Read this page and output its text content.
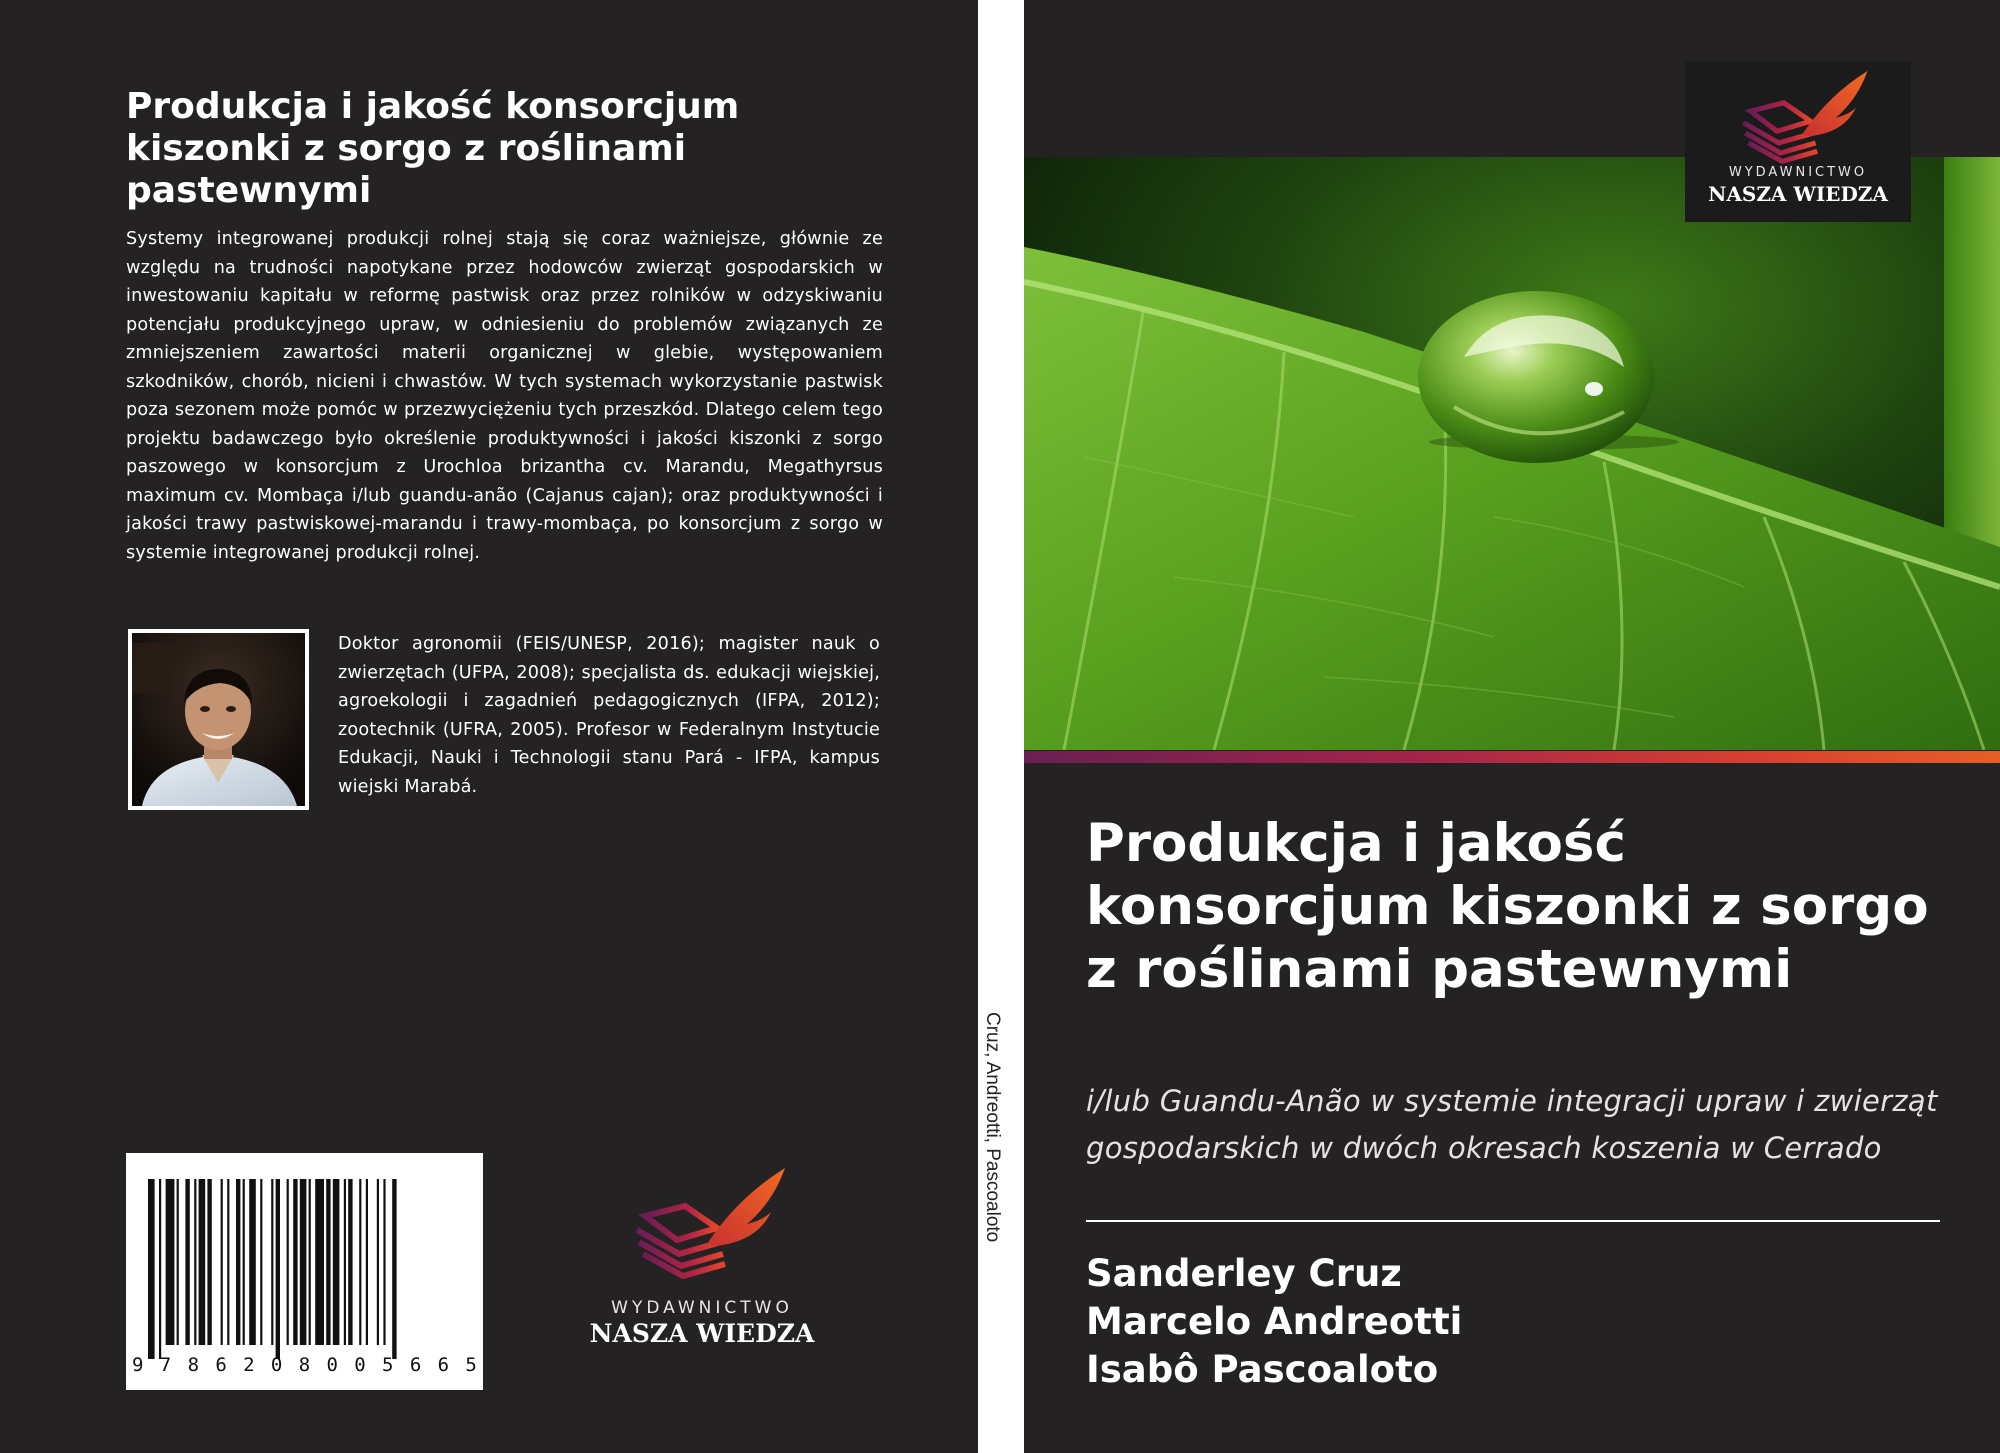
Produkcja i jakość konsorcjum kiszonki z sorgo z roślinami pastewnymi

Systemy integrowanej produkcji rolnej stają się coraz ważniejsze, głównie ze względu na trudności napotykane przez hodowców zwierząt gospodarskich w inwestowaniu kapitału w reformę pastwisk oraz przez rolników w odzyskiwaniu potencjału produkcyjnego upraw, w odniesieniu do problemów związanych ze zmniejszeniem zawartości materii organicznej w glebie, występowaniem szkodników, chorób, nicieni i chwastów. W tych systemach wykorzystanie pastwisk poza sezonem może pomóc w przezwyciężeniu tych przeszkód. Dlatego celem tego projektu badawczego było określenie produktywności i jakości kiszonki z sorgo paszowego w konsorcjum z Urochloa brizantha cv. Marandu, Megathyrsus maximum cv. Mombaça i/lub guandu-anão (Cajanus cajan); oraz produktywności i jakości trawy pastwiskowej-marandu i trawy-mombaça, po konsorcjum z sorgo w systemie integrowanej produkcji rolnej.

Doktor agronomii (FEIS/UNESP, 2016); magister nauk o zwierzętach (UFPA, 2008); specjalista ds. edukacji wiejskiej, agroekologii i zagadnień pedagogicznych (IFPA, 2012); zootechnik (UFRA, 2005). Profesor w Federalnym Instytucie Edukacji, Nauki i Technologii stanu Pará - IFPA, kampus wiejski Marabá.

9 7 8 6 2 0 8 0 0 5 6 6 5
WYDAWNICTWO
NASZA WIEDZA
Cruz, Andreotti, Pascoaloto
WYDAWNICTWO
NASZA WIEDZA
Produkcja i jakość konsorcjum kiszonki z sorgo z roślinami pastewnymi

i/lub Guandu-Anão w systemie integracji upraw i zwierząt gospodarskich w dwóch okresach koszenia w Cerrado

Sanderley Cruz
Marcelo Andreotti
Isabô Pascoaloto
